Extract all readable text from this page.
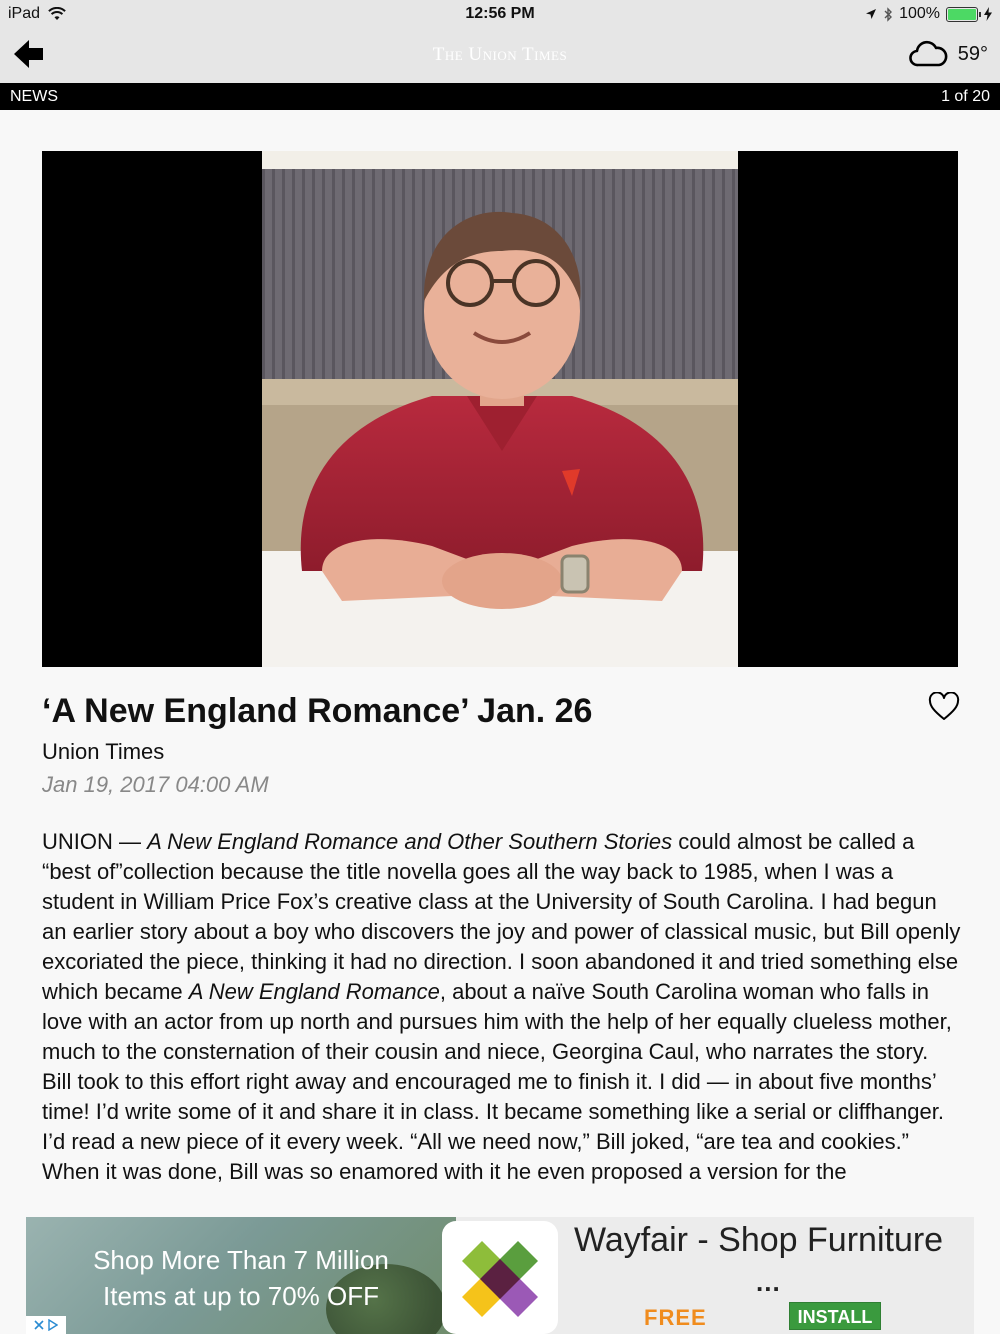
iPad	12:56 PM	100%
The Union Times	59°
NEWS	1 of 20
‘A New England Romance’ Jan. 26
Union Times
Jan 19, 2017 04:00 AM

UNION — A New England Romance and Other Southern Stories could almost be called a “best of”collection because the title novella goes all the way back to 1985, when I was a student in William Price Fox’s creative class at the University of South Carolina. I had begun an earlier story about a boy who discovers the joy and power of classical music, but Bill openly excoriated the piece, thinking it had no direction. I soon abandoned it and tried something else which became A New England Romance, about a naïve South Carolina woman who falls in love with an actor from up north and pursues him with the help of her equally clueless mother, much to the consternation of their cousin and niece, Georgina Caul, who narrates the story. Bill took to this effort right away and encouraged me to finish it. I did — in about five months’ time! I’d write some of it and share it in class. It became something like a serial or cliffhanger. I’d read a new piece of it every week. “All we need now,” Bill joked, “are tea and cookies.” When it was done, Bill was so enamored with it he even proposed a version for the

Shop More Than 7 Million
Items at up to 70% OFF
Wayfair - Shop Furniture
...
FREE	INSTALL
